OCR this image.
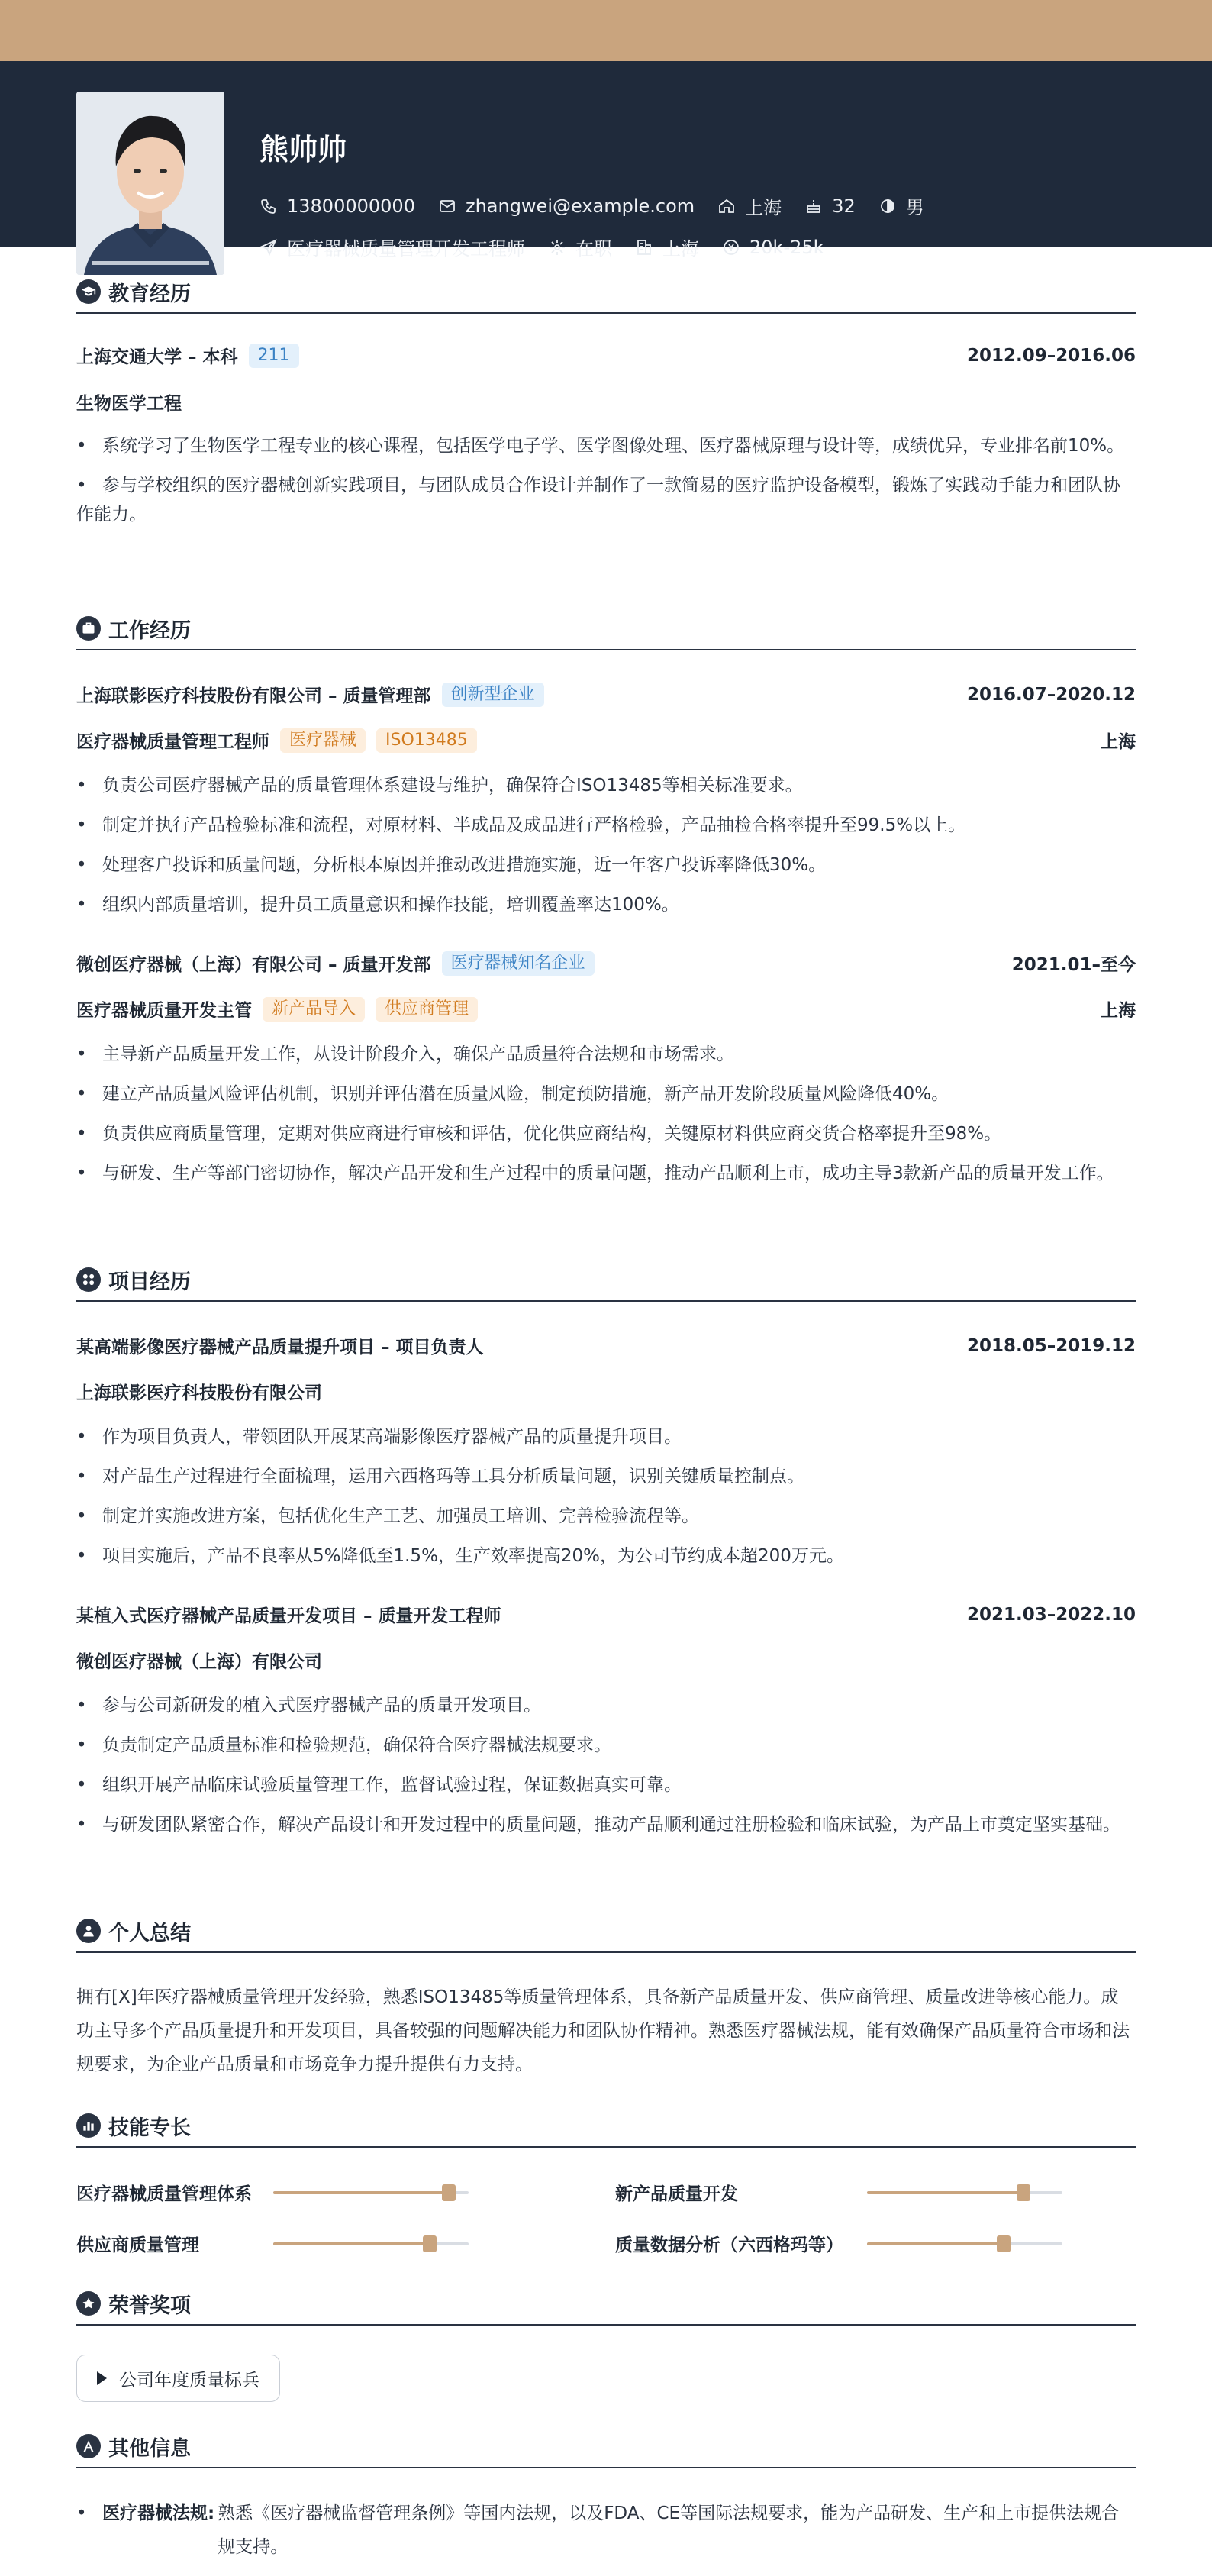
熊帅帅
13800000000	zhangwei@example.com	上海	32	男
医疗器械质量管理开发工程师	在职	上海	20k-25k
教育经历
上海交通大学 – 本科	211	2012.09–2016.06
生物医学工程
• 系统学习了生物医学工程专业的核心课程，包括医学电子学、医学图像处理、医疗器械原理与设计等，成绩优异，专业排名前10%。
• 参与学校组织的医疗器械创新实践项目，与团队成员合作设计并制作了一款简易的医疗监护设备模型，锻炼了实践动手能力和团队协作能力。
工作经历
上海联影医疗科技股份有限公司 – 质量管理部	创新型企业	2016.07–2020.12
医疗器械质量管理工程师	医疗器械	ISO13485	上海
• 负责公司医疗器械产品的质量管理体系建设与维护，确保符合ISO13485等相关标准要求。
• 制定并执行产品检验标准和流程，对原材料、半成品及成品进行严格检验，产品抽检合格率提升至99.5%以上。
• 处理客户投诉和质量问题，分析根本原因并推动改进措施实施，近一年客户投诉率降低30%。
• 组织内部质量培训，提升员工质量意识和操作技能，培训覆盖率达100%。
微创医疗器械（上海）有限公司 – 质量开发部	医疗器械知名企业	2021.01–至今
医疗器械质量开发主管	新产品导入	供应商管理	上海
• 主导新产品质量开发工作，从设计阶段介入，确保产品质量符合法规和市场需求。
• 建立产品质量风险评估机制，识别并评估潜在质量风险，制定预防措施，新产品开发阶段质量风险降低40%。
• 负责供应商质量管理，定期对供应商进行审核和评估，优化供应商结构，关键原材料供应商交货合格率提升至98%。
• 与研发、生产等部门密切协作，解决产品开发和生产过程中的质量问题，推动产品顺利上市，成功主导3款新产品的质量开发工作。
项目经历
某高端影像医疗器械产品质量提升项目 – 项目负责人	2018.05–2019.12
上海联影医疗科技股份有限公司
• 作为项目负责人，带领团队开展某高端影像医疗器械产品的质量提升项目。
• 对产品生产过程进行全面梳理，运用六西格玛等工具分析质量问题，识别关键质量控制点。
• 制定并实施改进方案，包括优化生产工艺、加强员工培训、完善检验流程等。
• 项目实施后，产品不良率从5%降低至1.5%，生产效率提高20%，为公司节约成本超200万元。
某植入式医疗器械产品质量开发项目 – 质量开发工程师	2021.03–2022.10
微创医疗器械（上海）有限公司
• 参与公司新研发的植入式医疗器械产品的质量开发项目。
• 负责制定产品质量标准和检验规范，确保符合医疗器械法规要求。
• 组织开展产品临床试验质量管理工作，监督试验过程，保证数据真实可靠。
• 与研发团队紧密合作，解决产品设计和开发过程中的质量问题，推动产品顺利通过注册检验和临床试验，为产品上市奠定坚实基础。
个人总结
拥有[X]年医疗器械质量管理开发经验，熟悉ISO13485等质量管理体系，具备新产品质量开发、供应商管理、质量改进等核心能力。成功主导多个产品质量提升和开发项目，具备较强的问题解决能力和团队协作精神。熟悉医疗器械法规，能有效确保产品质量符合市场和法规要求，为企业产品质量和市场竞争力提升提供有力支持。
技能专长
医疗器械质量管理体系	新产品质量开发
供应商质量管理	质量数据分析（六西格玛等）
荣誉奖项
公司年度质量标兵
其他信息
• 医疗器械法规: 熟悉《医疗器械监督管理条例》等国内法规，以及FDA、CE等国际法规要求，能为产品研发、生产和上市提供法规合规支持。
